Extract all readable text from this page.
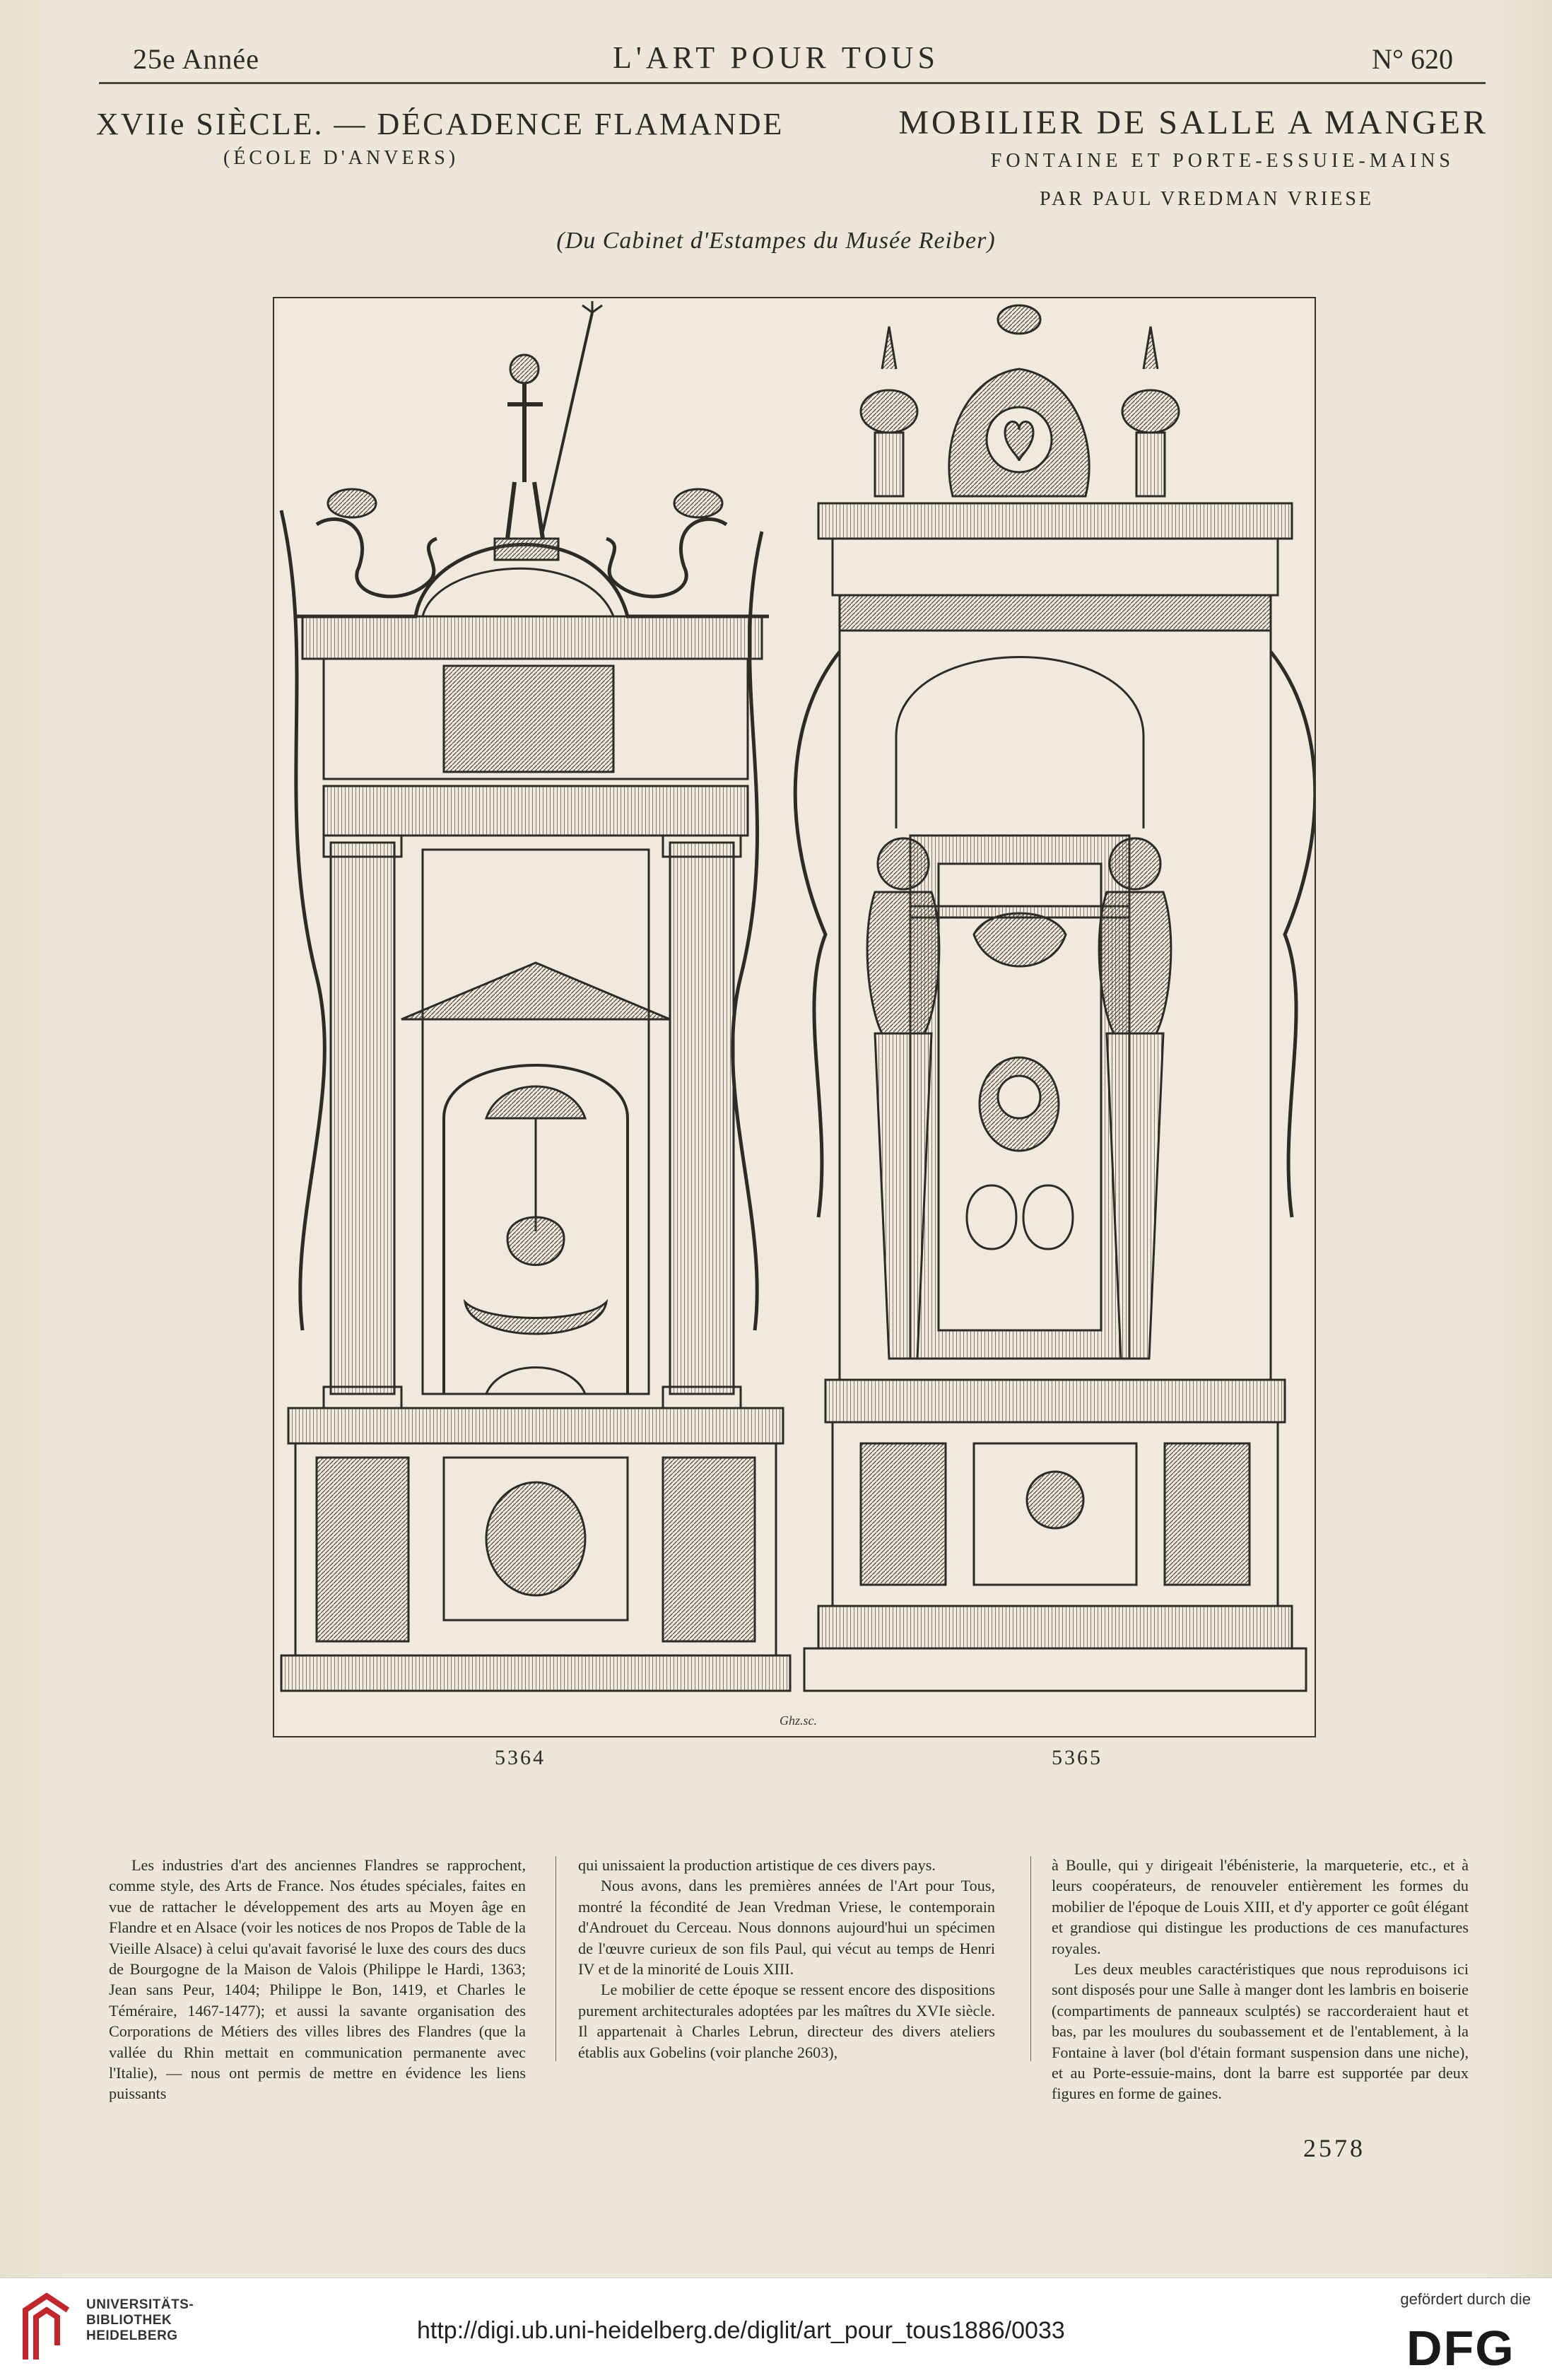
25e Année	L'ART POUR TOUS	N° 620
XVIIe SIÈCLE. — DÉCADENCE FLAMANDE
(ÉCOLE D'ANVERS)
MOBILIER DE SALLE A MANGER
FONTAINE ET PORTE-ESSUIE-MAINS
PAR PAUL VREDMAN VRIESE
(Du Cabinet d'Estampes du Musée Reiber)
Ghz.sc.
5364	5365

Les industries d'art des anciennes Flandres se rapprochent, comme style, des Arts de France. Nos études spéciales, faites en vue de rattacher le développement des arts au Moyen âge en Flandre et en Alsace (voir les notices de nos Propos de Table de la Vieille Alsace) à celui qu'avait favorisé le luxe des cours des ducs de Bourgogne de la Maison de Valois (Philippe le Hardi, 1363; Jean sans Peur, 1404; Philippe le Bon, 1419, et Charles le Téméraire, 1467-1477); et aussi la savante organisation des Corporations de Métiers des villes libres des Flandres (que la vallée du Rhin mettait en communication permanente avec l'Italie), — nous ont permis de mettre en évidence les liens puissants

qui unissaient la production artistique de ces divers pays.

Nous avons, dans les premières années de l'Art pour Tous, montré la fécondité de Jean Vredman Vriese, le contemporain d'Androuet du Cerceau. Nous donnons aujourd'hui un spécimen de l'œuvre curieux de son fils Paul, qui vécut au temps de Henri IV et de la minorité de Louis XIII.

Le mobilier de cette époque se ressent encore des dispositions purement architecturales adoptées par les maîtres du XVIe siècle. Il appartenait à Charles Lebrun, directeur des divers ateliers établis aux Gobelins (voir planche 2603),

à Boulle, qui y dirigeait l'ébénisterie, la marqueterie, etc., et à leurs coopérateurs, de renouveler entièrement les formes du mobilier de l'époque de Louis XIII, et d'y apporter ce goût élégant et grandiose qui distingue les productions de ces manufactures royales.

Les deux meubles caractéristiques que nous reproduisons ici sont disposés pour une Salle à manger dont les lambris en boiserie (compartiments de panneaux sculptés) se raccorderaient haut et bas, par les moulures du soubassement et de l'entablement, à la Fontaine à laver (bol d'étain formant suspension dans une niche), et au Porte-essuie-mains, dont la barre est supportée par deux figures en forme de gaines.

2578
UNIVERSITÄTS-
BIBLIOTHEK
HEIDELBERG	http://digi.ub.uni-heidelberg.de/diglit/art_pour_tous1886/0033
gefördert durch die
DFG
